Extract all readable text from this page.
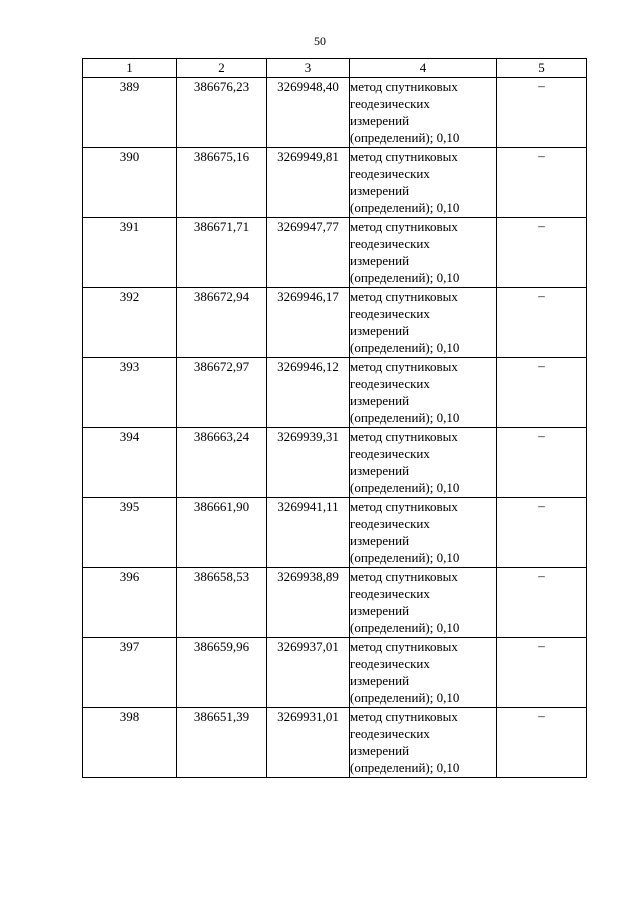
50
1	2	3	4	5
389	386676,23	3269948,40	метод спутниковых
геодезических
измерений
(определений); 0,10	–
390	386675,16	3269949,81	метод спутниковых
геодезических
измерений
(определений); 0,10	–
391	386671,71	3269947,77	метод спутниковых
геодезических
измерений
(определений); 0,10	–
392	386672,94	3269946,17	метод спутниковых
геодезических
измерений
(определений); 0,10	–
393	386672,97	3269946,12	метод спутниковых
геодезических
измерений
(определений); 0,10	–
394	386663,24	3269939,31	метод спутниковых
геодезических
измерений
(определений); 0,10	–
395	386661,90	3269941,11	метод спутниковых
геодезических
измерений
(определений); 0,10	–
396	386658,53	3269938,89	метод спутниковых
геодезических
измерений
(определений); 0,10	–
397	386659,96	3269937,01	метод спутниковых
геодезических
измерений
(определений); 0,10	–
398	386651,39	3269931,01	метод спутниковых
геодезических
измерений
(определений); 0,10	–
